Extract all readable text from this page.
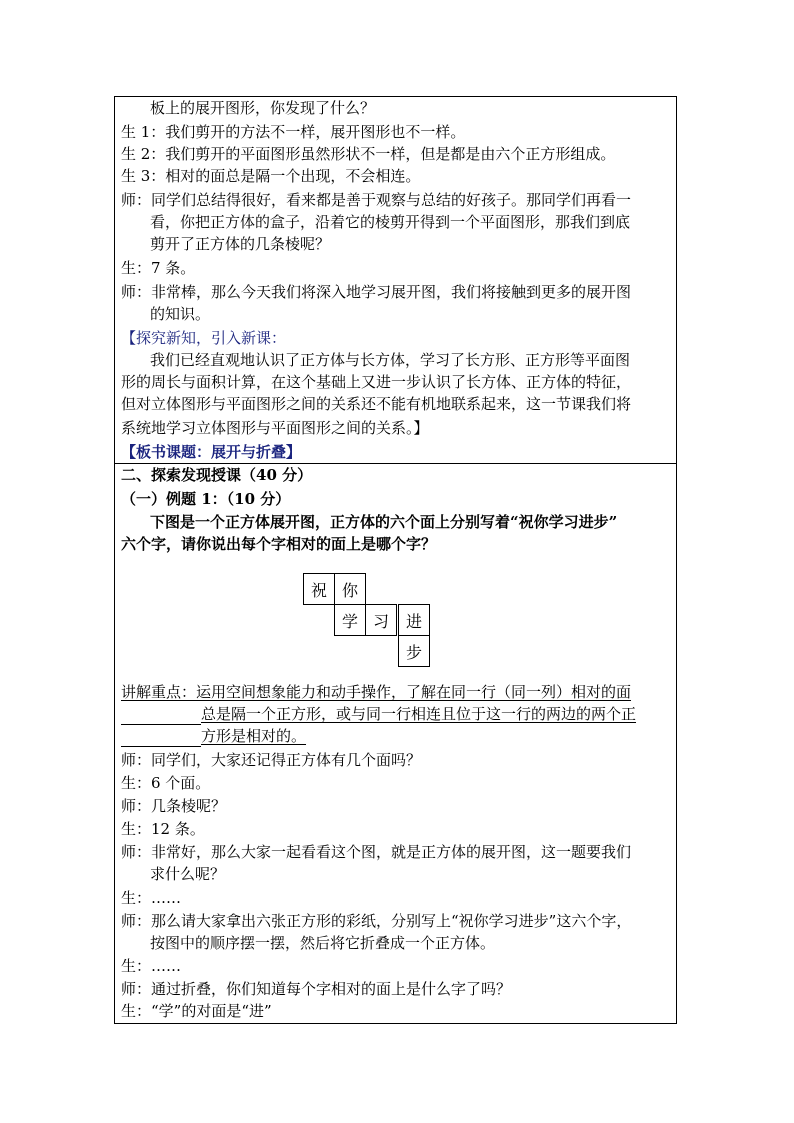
板上的展开图形，你发现了什么？
生 1：我们剪开的方法不一样，展开图形也不一样。
生 2：我们剪开的平面图形虽然形状不一样，但是都是由六个正方形组成。
生 3：相对的面总是隔一个出现，不会相连。
师：同学们总结得很好，看来都是善于观察与总结的好孩子。那同学们再看一
看，你把正方体的盒子，沿着它的棱剪开得到一个平面图形，那我们到底
剪开了正方体的几条棱呢？
生：7 条。
师：非常棒，那么今天我们将深入地学习展开图，我们将接触到更多的展开图
的知识。
【探究新知，引入新课：
我们已经直观地认识了正方体与长方体，学习了长方形、正方形等平面图
形的周长与面积计算，在这个基础上又进一步认识了长方体、正方体的特征，
但对立体图形与平面图形之间的关系还不能有机地联系起来，这一节课我们将
系统地学习立体图形与平面图形之间的关系。】
【板书课题：展开与折叠】
二、探索发现授课（40 分）
（一）例题 1：（10 分）
下图是一个正方体展开图，正方体的六个面上分别写着“祝你学习进步”
六个字，请你说出每个字相对的面上是哪个字？
祝 你
学 习	进
步
讲解重点：运用空间想象能力和动手操作，了解在同一行（同一列）相对的面
总是隔一个正方形，或与同一行相连且位于这一行的两边的两个正
方形是相对的。
师：同学们，大家还记得正方体有几个面吗？
生：6 个面。
师：几条棱呢？
生：12 条。
师：非常好，那么大家一起看看这个图，就是正方体的展开图，这一题要我们
求什么呢？
生：……
师：那么请大家拿出六张正方形的彩纸，分别写上“祝你学习进步”这六个字，
按图中的顺序摆一摆，然后将它折叠成一个正方体。
生：……
师：通过折叠，你们知道每个字相对的面上是什么字了吗？
生：“学”的对面是“进”
